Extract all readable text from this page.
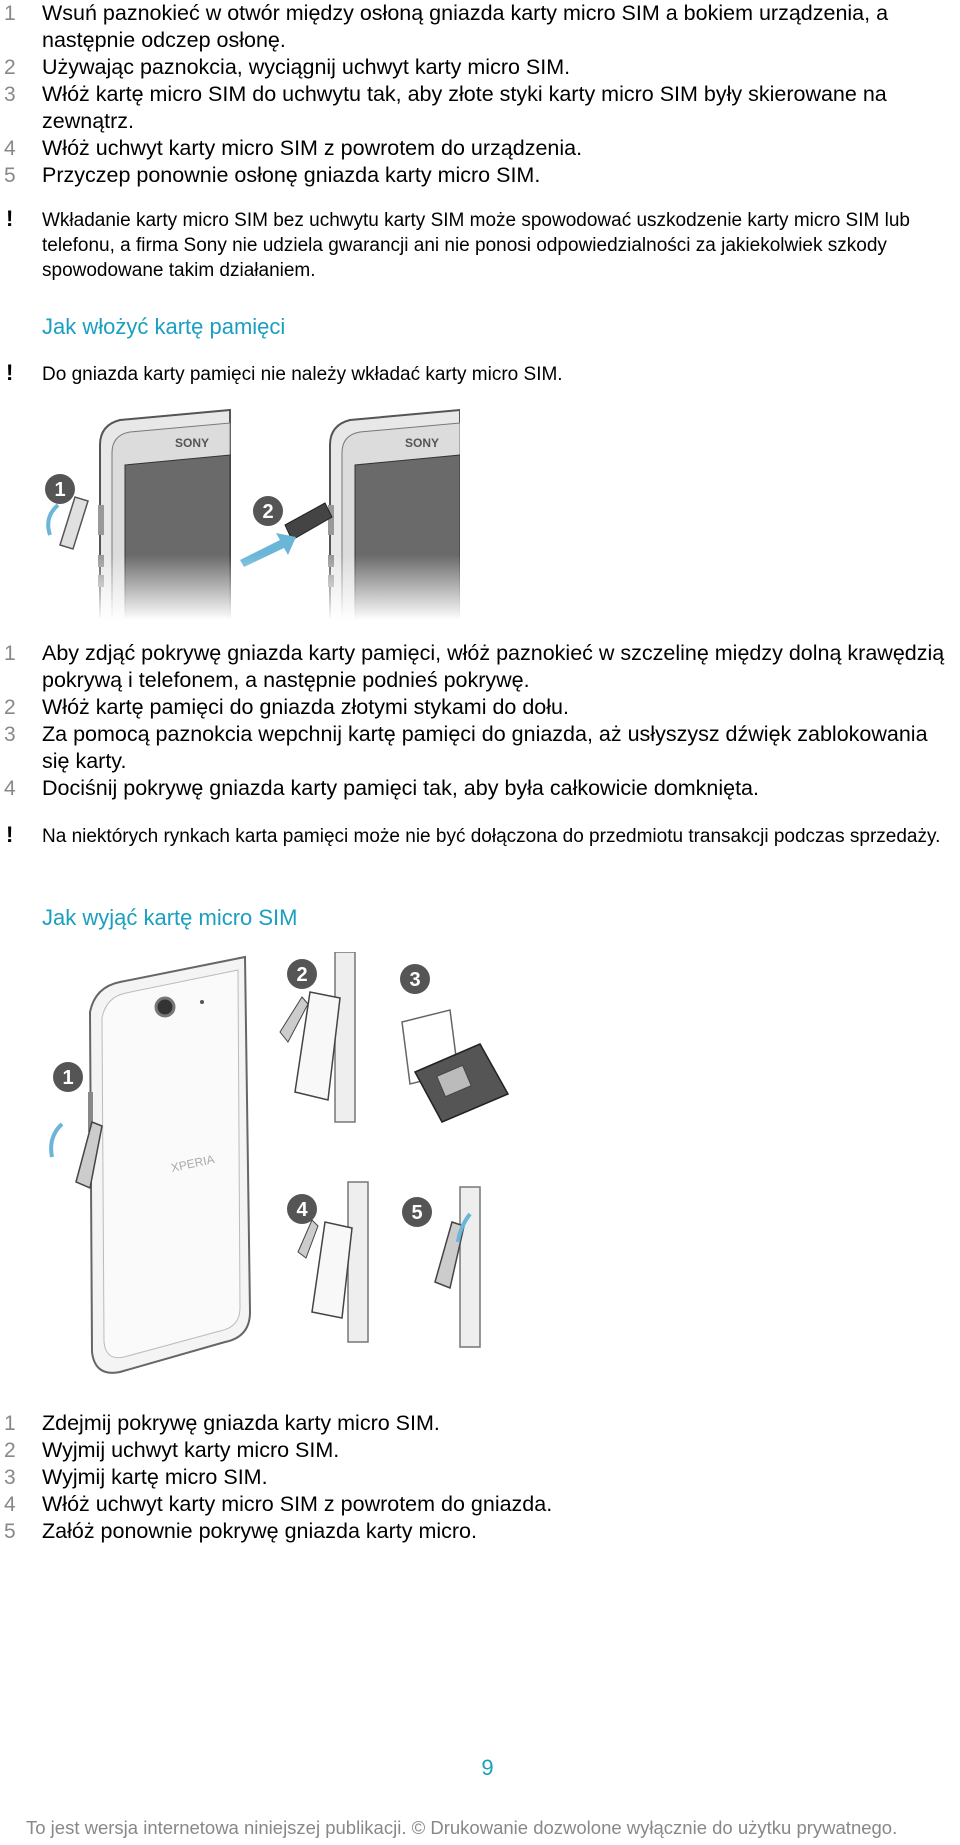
1 Wsuń paznokieć w otwór między osłoną gniazda karty micro SIM a bokiem urządzenia, a następnie odczep osłonę.
2 Używając paznokcia, wyciągnij uchwyt karty micro SIM.
3 Włóż kartę micro SIM do uchwytu tak, aby złote styki karty micro SIM były skierowane na zewnątrz.
4 Włóż uchwyt karty micro SIM z powrotem do urządzenia.
5 Przyczep ponownie osłonę gniazda karty micro SIM.
! Wkładanie karty micro SIM bez uchwytu karty SIM może spowodować uszkodzenie karty micro SIM lub telefonu, a firma Sony nie udziela gwarancji ani nie ponosi odpowiedzialności za jakiekolwiek szkody spowodowane takim działaniem.
Jak włożyć kartę pamięci
! Do gniazda karty pamięci nie należy wkładać karty micro SIM.
SONY
1
SONY
2
1 Aby zdjąć pokrywę gniazda karty pamięci, włóż paznokieć w szczelinę między dolną krawędzią pokrywą i telefonem, a następnie podnieś pokrywę.
2 Włóż kartę pamięci do gniazda złotymi stykami do dołu.
3 Za pomocą paznokcia wepchnij kartę pamięci do gniazda, aż usłyszysz dźwięk zablokowania się karty.
4 Dociśnij pokrywę gniazda karty pamięci tak, aby była całkowicie domknięta.
! Na niektórych rynkach karta pamięci może nie być dołączona do przedmiotu transakcji podczas sprzedaży.
Jak wyjąć kartę micro SIM
XPERIA
1
2	3
4	5
1 Zdejmij pokrywę gniazda karty micro SIM.
2 Wyjmij uchwyt karty micro SIM.
3 Wyjmij kartę micro SIM.
4 Włóż uchwyt karty micro SIM z powrotem do gniazda.
5 Załóż ponownie pokrywę gniazda karty micro.
9
To jest wersja internetowa niniejszej publikacji. © Drukowanie dozwolone wyłącznie do użytku prywatnego.
